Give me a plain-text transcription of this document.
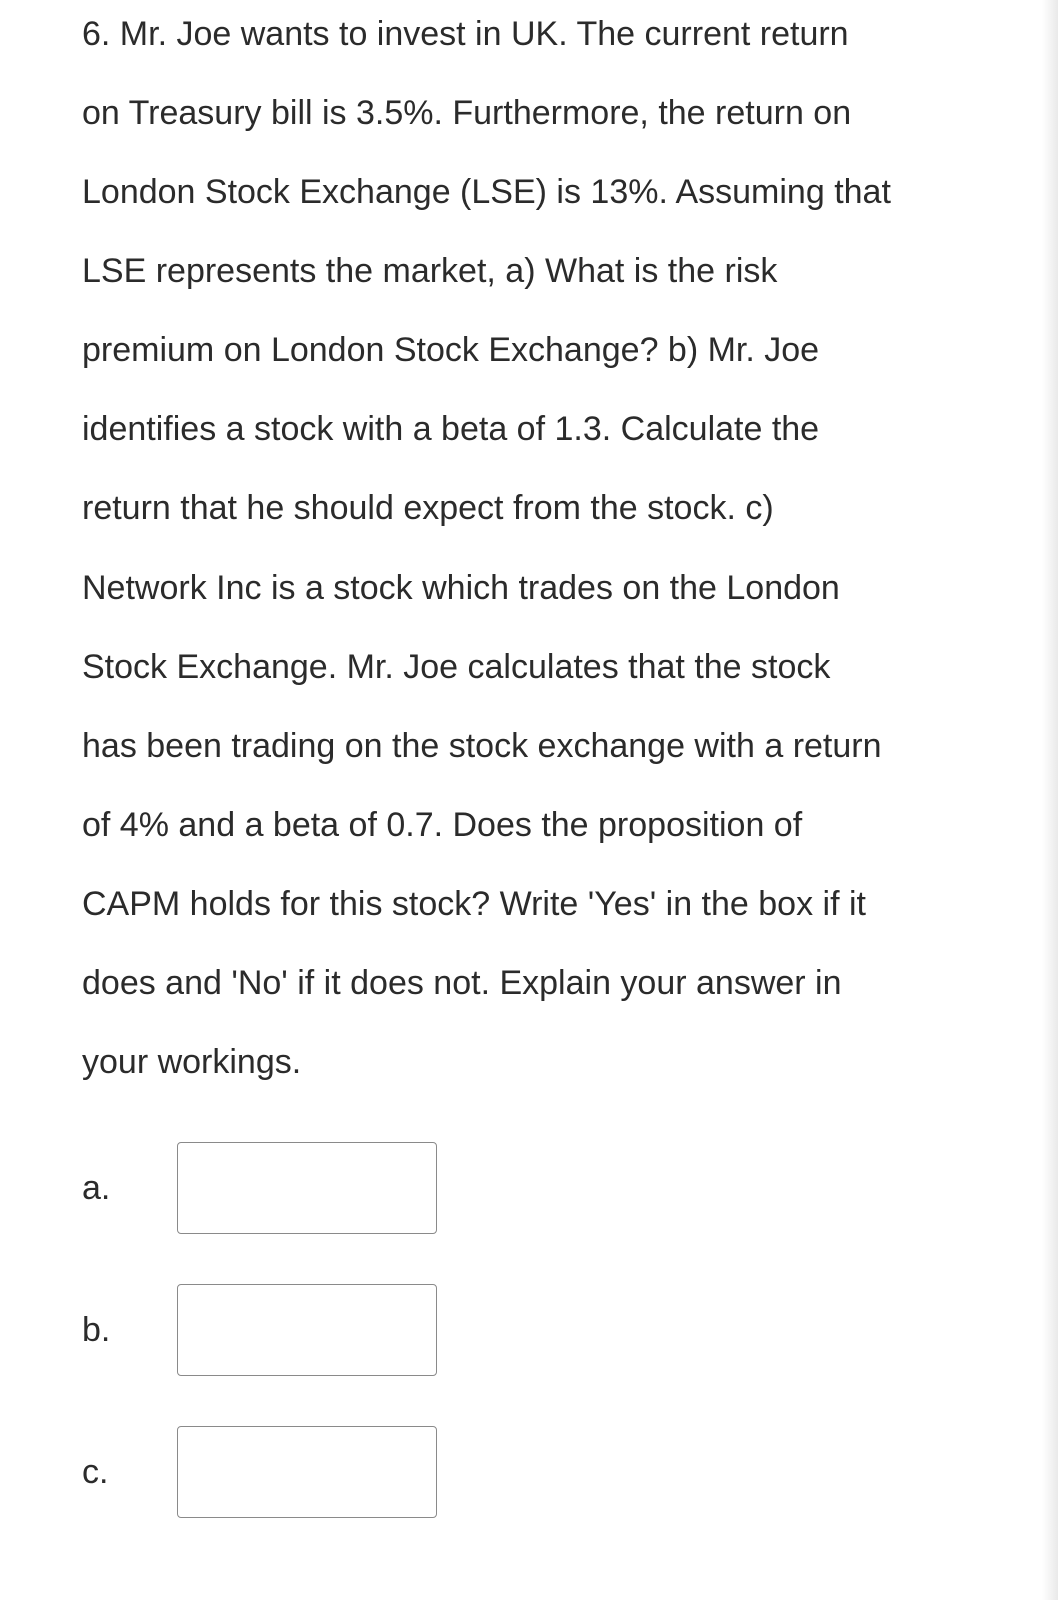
6. Mr. Joe wants to invest in UK. The current return
on Treasury bill is 3.5%. Furthermore, the return on
London Stock Exchange (LSE) is 13%. Assuming that
LSE represents the market, a) What is the risk
premium on London Stock Exchange? b) Mr. Joe
identifies a stock with a beta of 1.3. Calculate the
return that he should expect from the stock. c)
Network Inc is a stock which trades on the London
Stock Exchange. Mr. Joe calculates that the stock
has been trading on the stock exchange with a return
of 4% and a beta of 0.7. Does the proposition of
CAPM holds for this stock? Write 'Yes' in the box if it
does and 'No' if it does not. Explain your answer in
your workings.
a.
b.
c.
